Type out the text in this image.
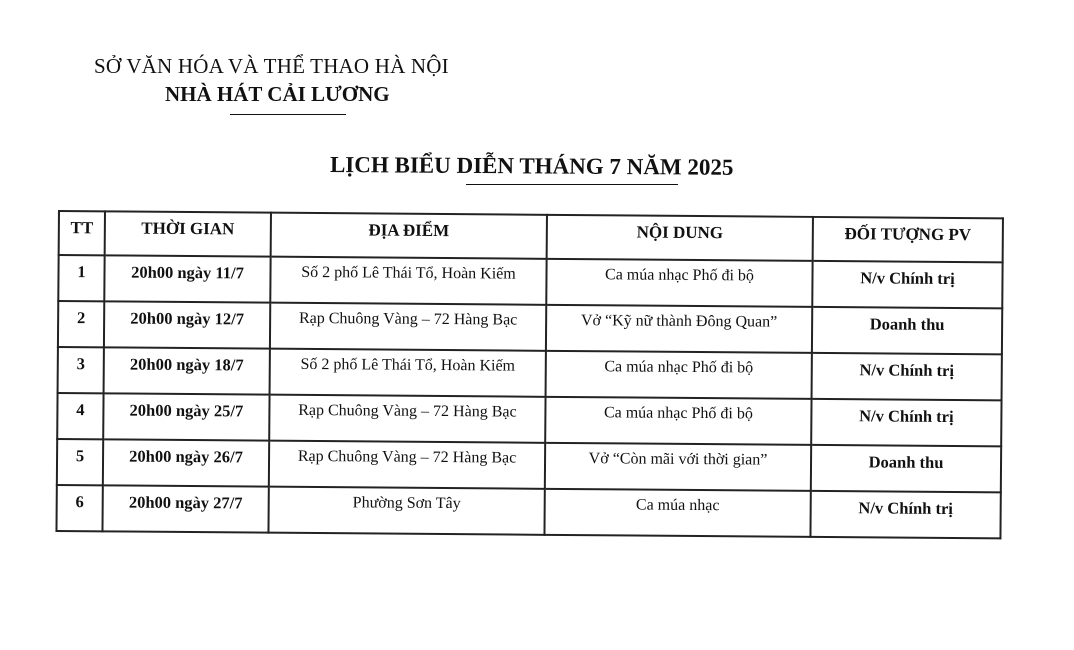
SỞ VĂN HÓA VÀ THỂ THAO HÀ NỘI
NHÀ HÁT CẢI LƯƠNG
LỊCH BIỂU DIỄN THÁNG 7 NĂM 2025
TT	THỜI GIAN	ĐỊA ĐIỂM	NỘI DUNG	ĐỐI TƯỢNG PV
1	20h00 ngày 11/7	Số 2 phố Lê Thái Tổ, Hoàn Kiếm	Ca múa nhạc Phố đi bộ	N/v Chính trị
2	20h00 ngày 12/7	Rạp Chuông Vàng – 72 Hàng Bạc	Vở “Kỹ nữ thành Đông Quan”	Doanh thu
3	20h00 ngày 18/7	Số 2 phố Lê Thái Tổ, Hoàn Kiếm	Ca múa nhạc Phố đi bộ	N/v Chính trị
4	20h00 ngày 25/7	Rạp Chuông Vàng – 72 Hàng Bạc	Ca múa nhạc Phố đi bộ	N/v Chính trị
5	20h00 ngày 26/7	Rạp Chuông Vàng – 72 Hàng Bạc	Vở “Còn mãi với thời gian”	Doanh thu
6	20h00 ngày 27/7	Phường Sơn Tây	Ca múa nhạc	N/v Chính trị
